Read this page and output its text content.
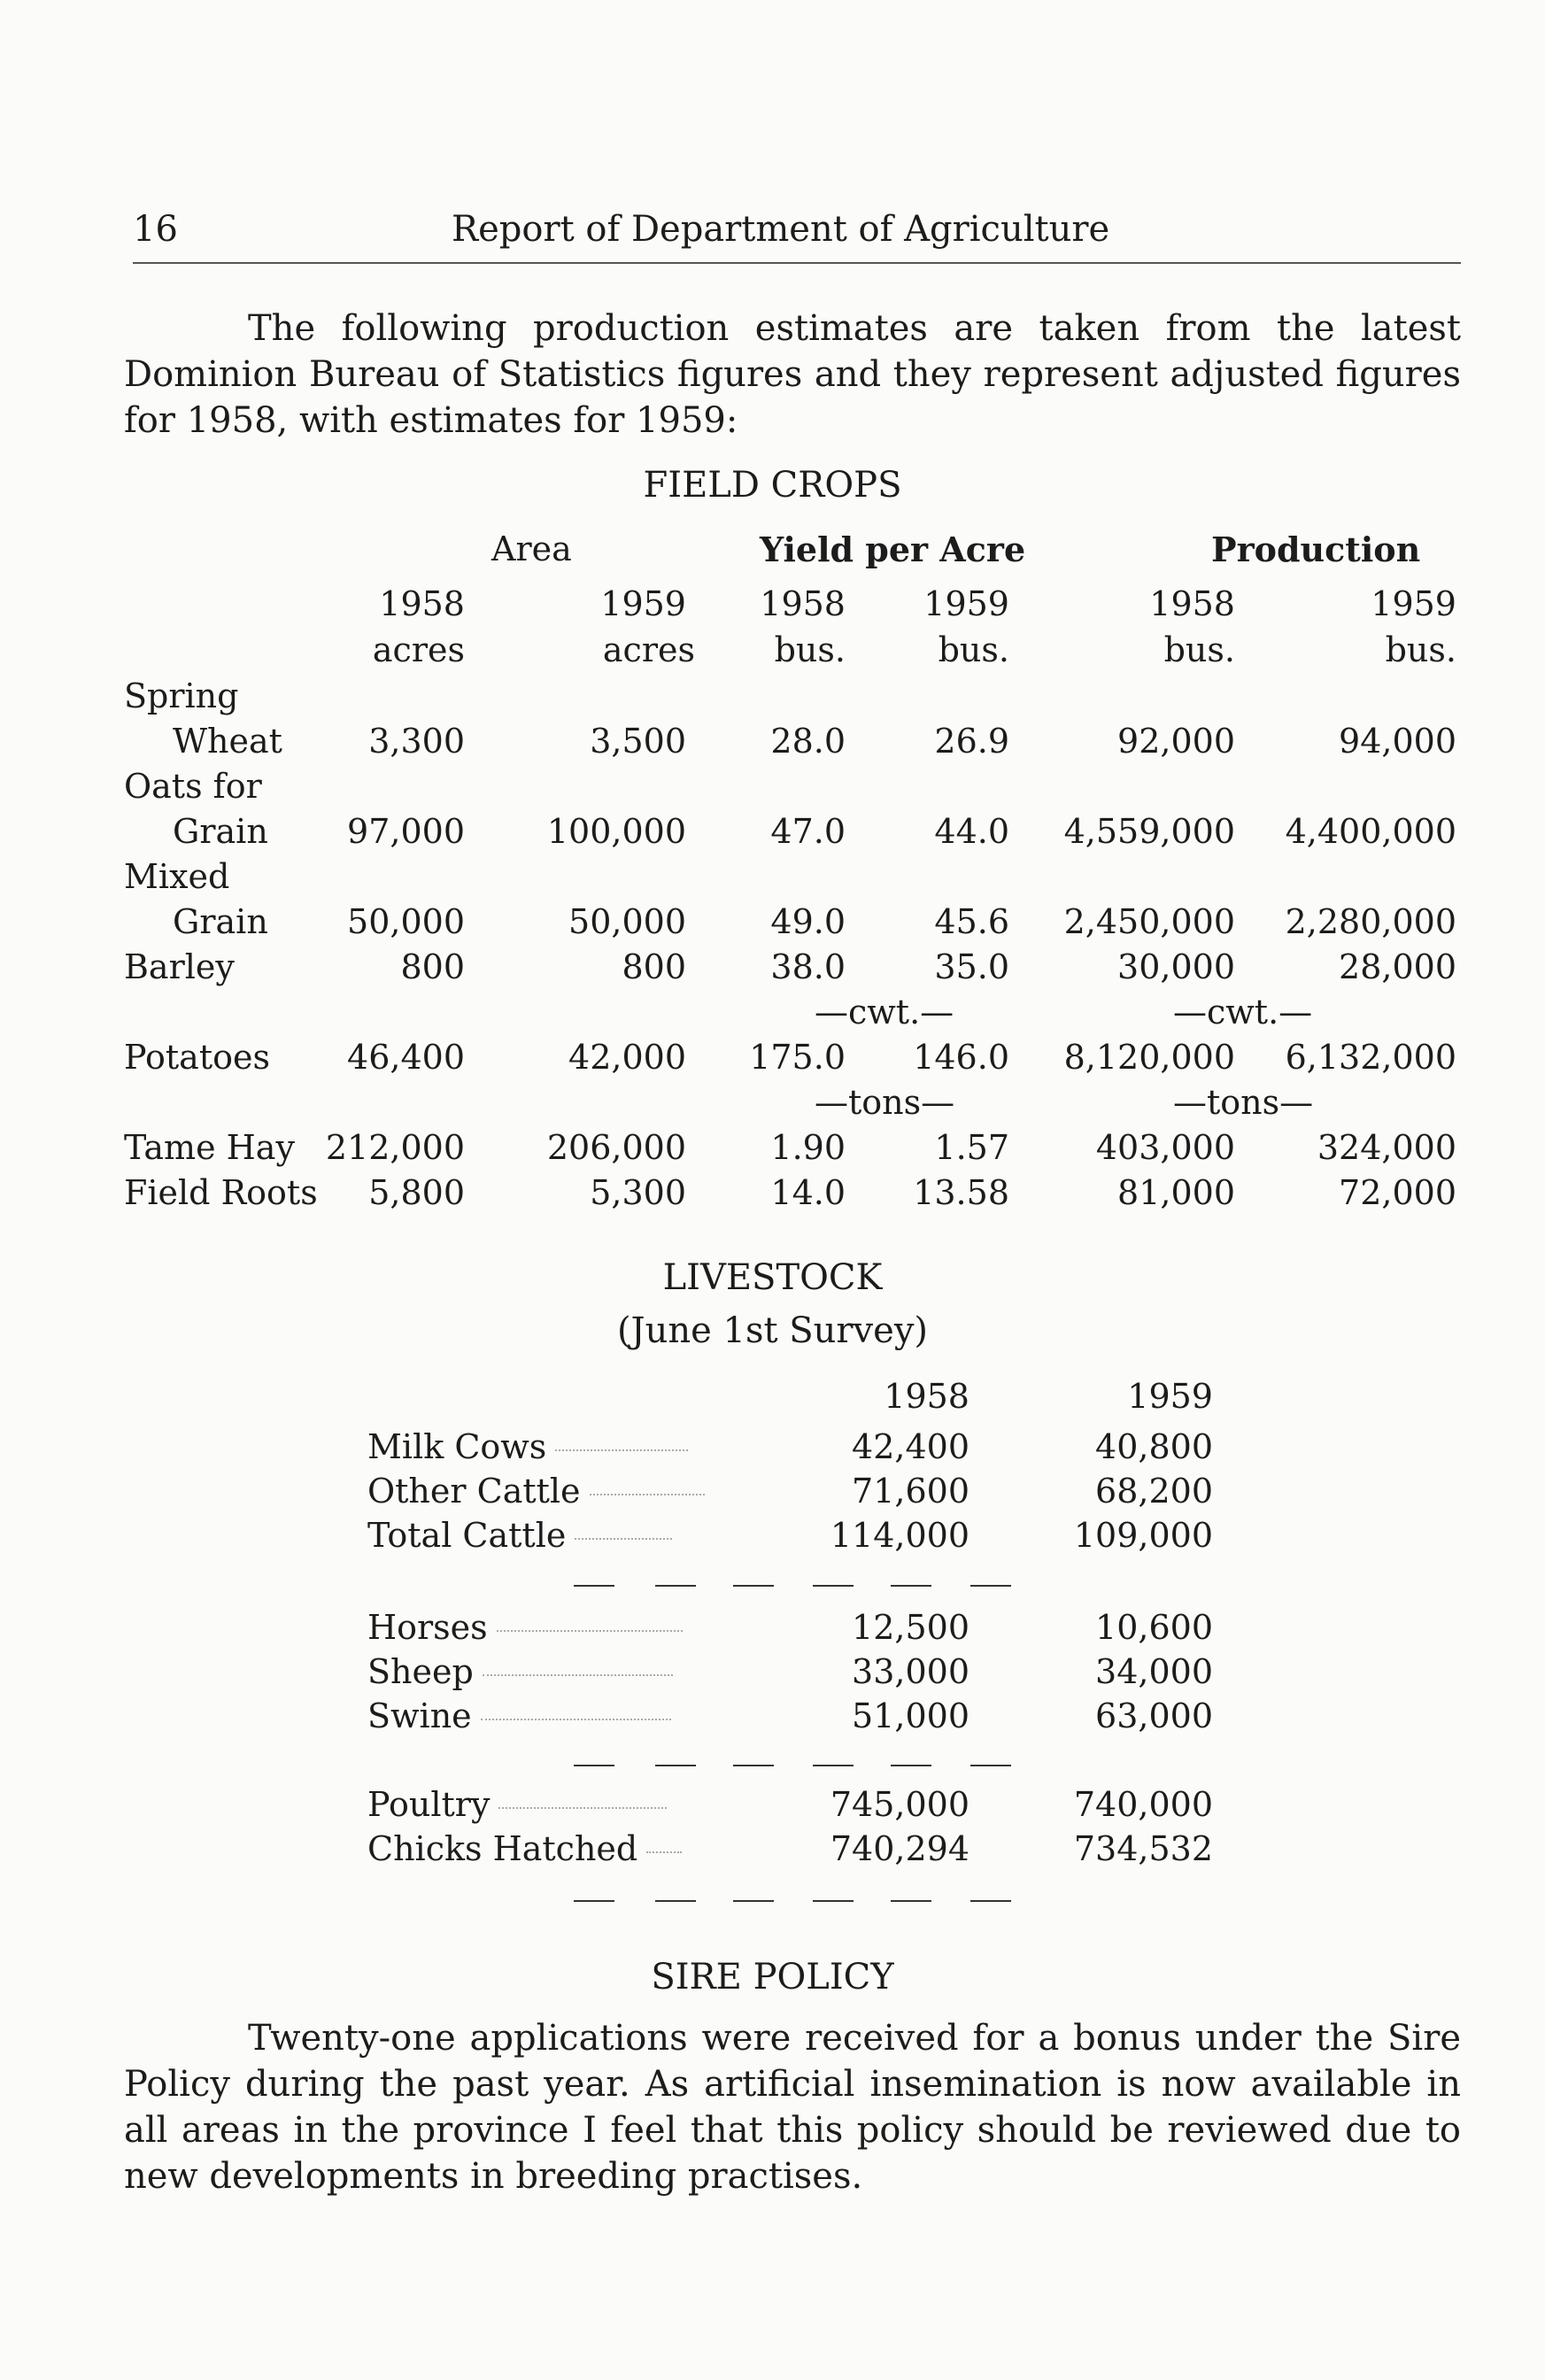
16	Report of Department of Agriculture
The following production estimates are taken from the latest Dominion Bureau of Statistics figures and they represent adjusted figures for 1958, with estimates for 1959:
FIELD CROPS
Area	Yield per Acre	Production
1958	1959	1958	1959	1958	1959
acres	acres	bus.	bus.	bus.	bus.
Spring
Wheat	3,300	3,500	28.0	26.9	92,000	94,000
Oats for
Grain	97,000	100,000	47.0	44.0 4,559,000 4,400,000
Mixed
Grain	50,000	50,000	49.0	45.6 2,450,000 2,280,000
Barley	800	800	38.0	35.0	30,000	28,000
—cwt.—	—cwt.—
Potatoes	46,400	42,000	175.0	146.0 8,120,000 6,132,000
—tons—	—tons—
Tame Hay 212,000	206,000	1.90	1.57	403,000	324,000
Field Roots	5,800	5,300	14.0	13.58	81,000	72,000
LIVESTOCK
(June 1st Survey)
1958	1959
Milk Cows	42,400	40,800
Other Cattle	71,600	68,200
Total Cattle	114,000	109,000
Horses	12,500	10,600
Sheep	33,000	34,000
Swine	51,000	63,000
Poultry	745,000	740,000
Chicks Hatched	740,294	734,532
SIRE POLICY
Twenty-one applications were received for a bonus under the Sire Policy during the past year. As artificial insemination is now available in all areas in the province I feel that this policy should be reviewed due to new developments in breeding practises.
